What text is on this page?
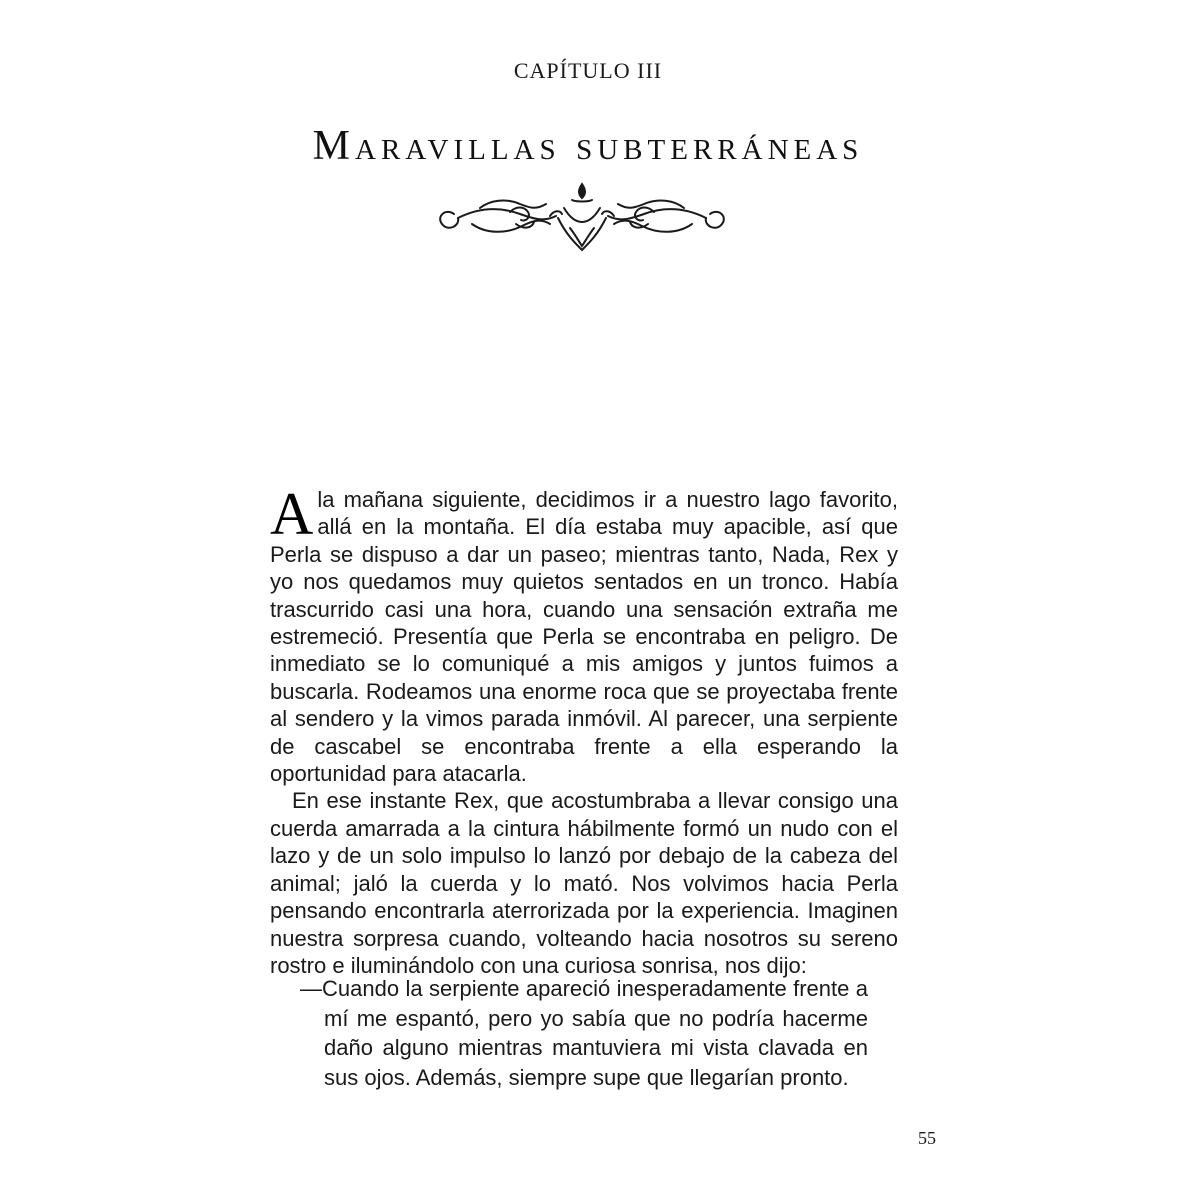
CAPÍTULO III
Maravillas subterráneas

A la mañana siguiente, decidimos ir a nuestro lago favorito, allá en la montaña. El día estaba muy apacible, así que Perla se dispuso a dar un paseo; mientras tanto, Nada, Rex y yo nos quedamos muy quietos sentados en un tronco. Había trascurrido casi una hora, cuando una sensación extraña me estremeció. Presentía que Perla se encontraba en peligro. De inmediato se lo comuniqué a mis amigos y juntos fuimos a buscarla. Rodeamos una enorme roca que se proyectaba frente al sendero y la vimos parada inmóvil. Al parecer, una serpiente de cascabel se encontraba frente a ella esperando la oportunidad para atacarla.

En ese instante Rex, que acostumbraba a llevar consigo una cuerda amarrada a la cintura hábilmente formó un nudo con el lazo y de un solo impulso lo lanzó por debajo de la cabeza del animal; jaló la cuerda y lo mató. Nos volvimos hacia Perla pensando encontrarla aterrorizada por la experiencia. Imaginen nuestra sorpresa cuando, volteando hacia nosotros su sereno rostro e iluminándolo con una curiosa sonrisa, nos dijo:

—Cuando la serpiente apareció inesperadamente frente a mí me espantó, pero yo sabía que no podría hacerme daño alguno mientras mantuviera mi vista clavada en sus ojos. Además, siempre supe que llegarían pronto.

55
